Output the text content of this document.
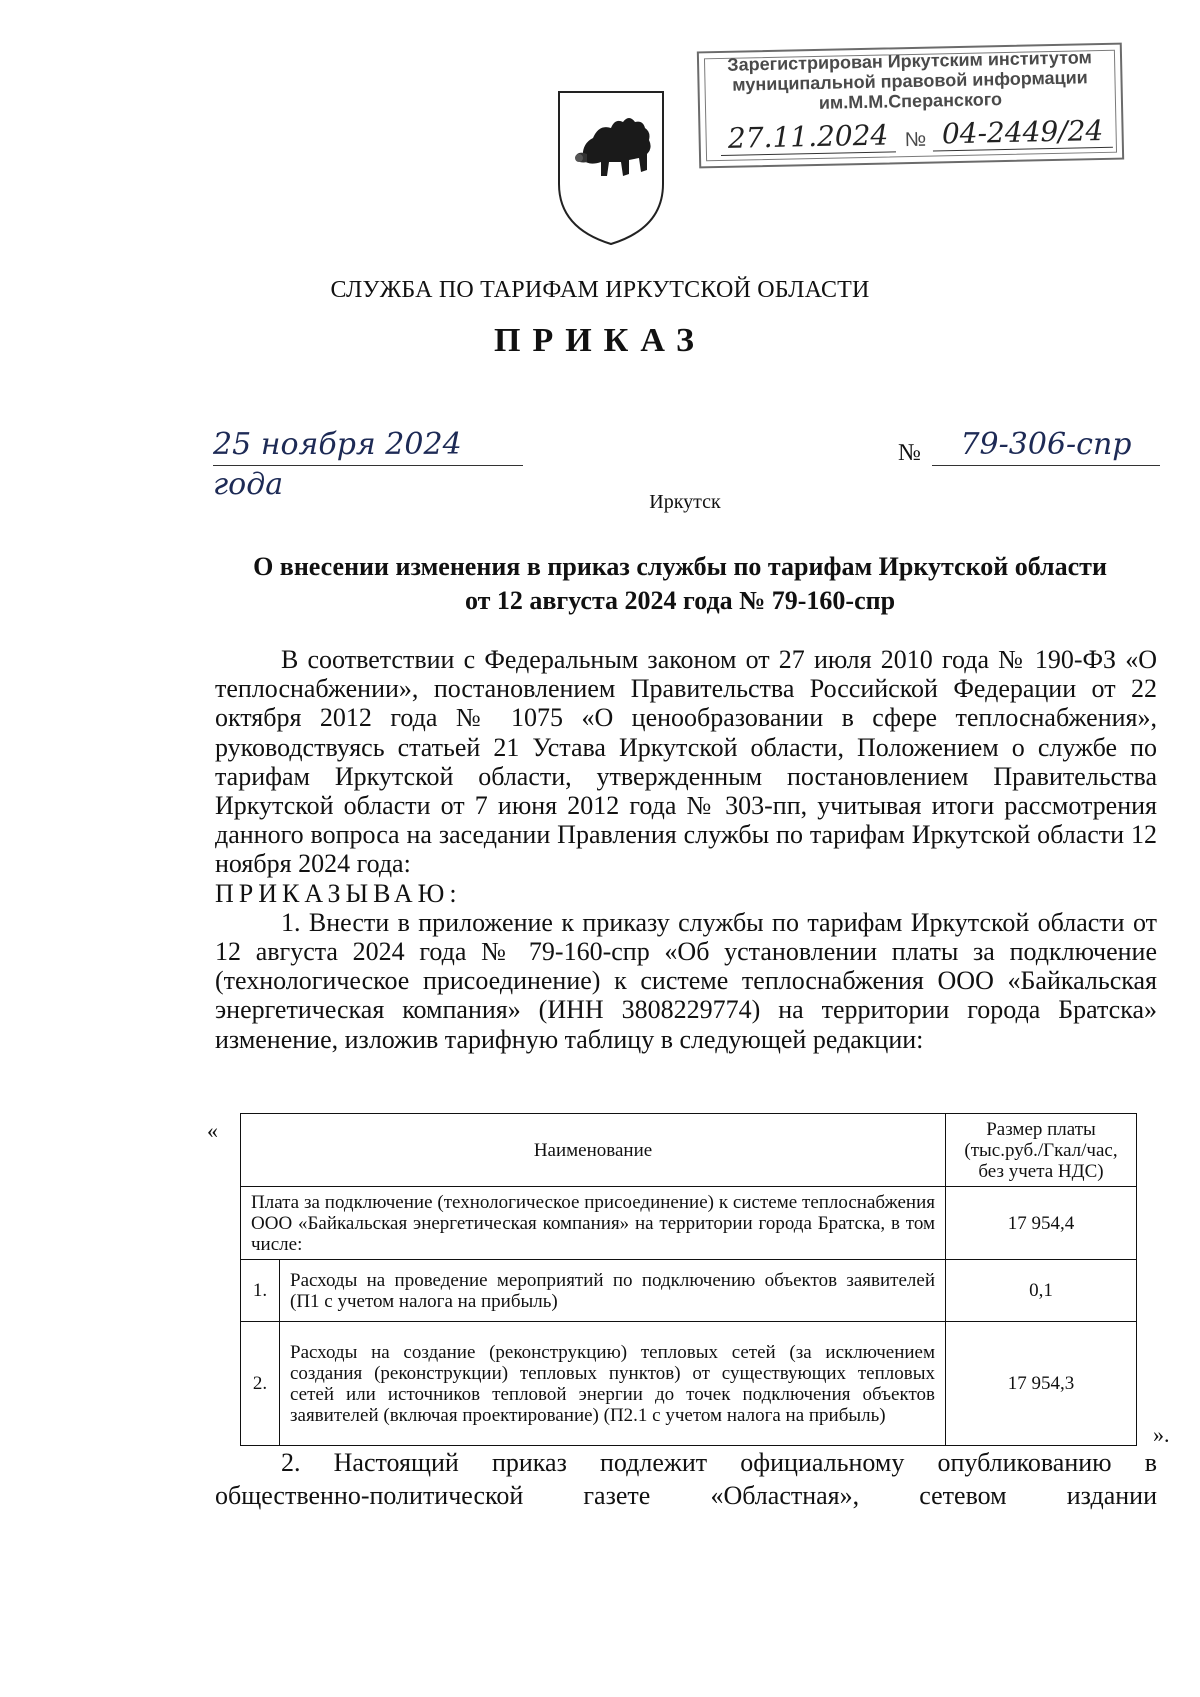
Зарегистрирован Иркутским институтом
муниципальной правовой информации
им.М.М.Сперанского
27.11.2024 № 04-2449/24
СЛУЖБА ПО ТАРИФАМ ИРКУТСКОЙ ОБЛАСТИ
ПРИКАЗ
25 ноября 2024 года
№	79-306-спр
Иркутск
О внесении изменения в приказ службы по тарифам Иркутской области
от 12 августа 2024 года № 79-160-спр

В соответствии с Федеральным законом от 27 июля 2010 года № 190-ФЗ «О теплоснабжении», постановлением Правительства Российской Федерации от 22 октября 2012 года № 1075 «О ценообразовании в сфере теплоснабжения», руководствуясь статьей 21 Устава Иркутской области, Положением о службе по тарифам Иркутской области, утвержденным постановлением Правительства Иркутской области от 7 июня 2012 года № 303-пп, учитывая итоги рассмотрения данного вопроса на заседании Правления службы по тарифам Иркутской области 12 ноября 2024 года:

ПРИКАЗЫВАЮ:

1. Внести в приложение к приказу службы по тарифам Иркутской области от 12 августа 2024 года № 79-160-спр «Об установлении платы за подключение (технологическое присоединение) к системе теплоснабжения ООО «Байкальская энергетическая компания» (ИНН 3808229774) на территории города Братска» изменение, изложив тарифную таблицу в следующей редакции:

«
Наименование		Размер платы (тыс.руб./Гкал/час, без учета НДС)
Плата за подключение (технологическое присоединение) к системе теплоснабжения ООО «Байкальская энергетическая компания» на территории города Братска, в том числе:		17 954,4
1.	Расходы на проведение мероприятий по подключению объектов заявителей (П1 с учетом налога на прибыль)	0,1
2.	Расходы на создание (реконструкцию) тепловых сетей (за исключением создания (реконструкции) тепловых пунктов) от существующих тепловых сетей или источников тепловой энергии до точек подключения объектов заявителей (включая проектирование) (П2.1 с учетом налога на прибыль)	17 954,3
».

2. Настоящий приказ подлежит официальному опубликованию в

общественно-политической газете «Областная», сетевом издании
